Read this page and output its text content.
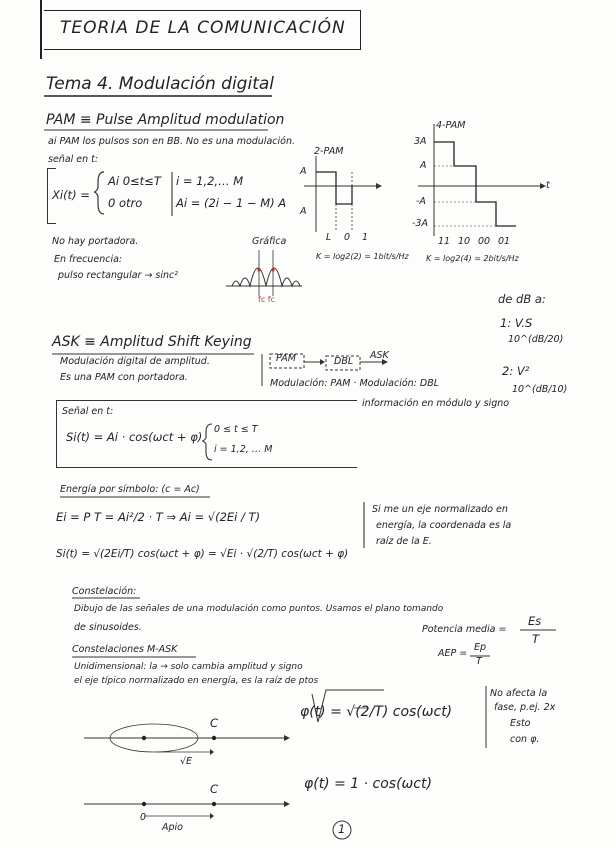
TEORIA DE LA COMUNICACIÓN
Tema 4. Modulación digital
PAM ≡ Pulse Amplitud modulation
ai PAM los pulsos son en BB. No es una modulación.
señal en t:
Xi(t) =
Ai 0≤t≤T
0 otro
i = 1,2,… M
Ai = (2i − 1 − M) A
No hay portadora.
En frecuencia:
pulso rectangular → sinc²
Gráfica
fc fc
2-PAM
A
A
L 0 1
K = log2(2) = 1bit/s/Hz
4-PAM
3A
A
-A
-3A
t
11 10 00 01
K = log2(4) = 2bit/s/Hz
de dB a:
1: V.S
10^(dB/20)
2: V²
10^(dB/10)
ASK ≡ Amplitud Shift Keying
Modulación digital de amplitud.
Es una PAM con portadora.
PAM	DBL
ASK
Modulación: PAM · Modulación: DBL
información en módulo y signo
Señal en t:
Si(t) = Ai · cos(ωct + φ)
0 ≤ t ≤ T
i = 1,2, … M
Energía por símbolo: (c = Ac)
Ei = P T = Ai²/2 · T ⇒ Ai = √(2Ei / T)
Si(t) = √(2Ei/T) cos(ωct + φ) = √Ei · √(2/T) cos(ωct + φ)
Si me un eje normalizado en
energía, la coordenada es la
raíz de la E.
Constelación:
Dibujo de las señales de una modulación como puntos. Usamos el plano tomando
de sinusoides.	Potencia media =
Es
T
AEP =
Ep
T
Constelaciones M-ASK
Unidimensional: la → solo cambia amplitud y signo
el eje típico normalizado en energía, es la raíz de ptos
No afecta la
fase, p.ej. 2x
Esto
con φ.
C
C
√E
0
Apio
φ(t) = √(2/T) cos(ωct)
φ(t) = 1 · cos(ωct)
1
